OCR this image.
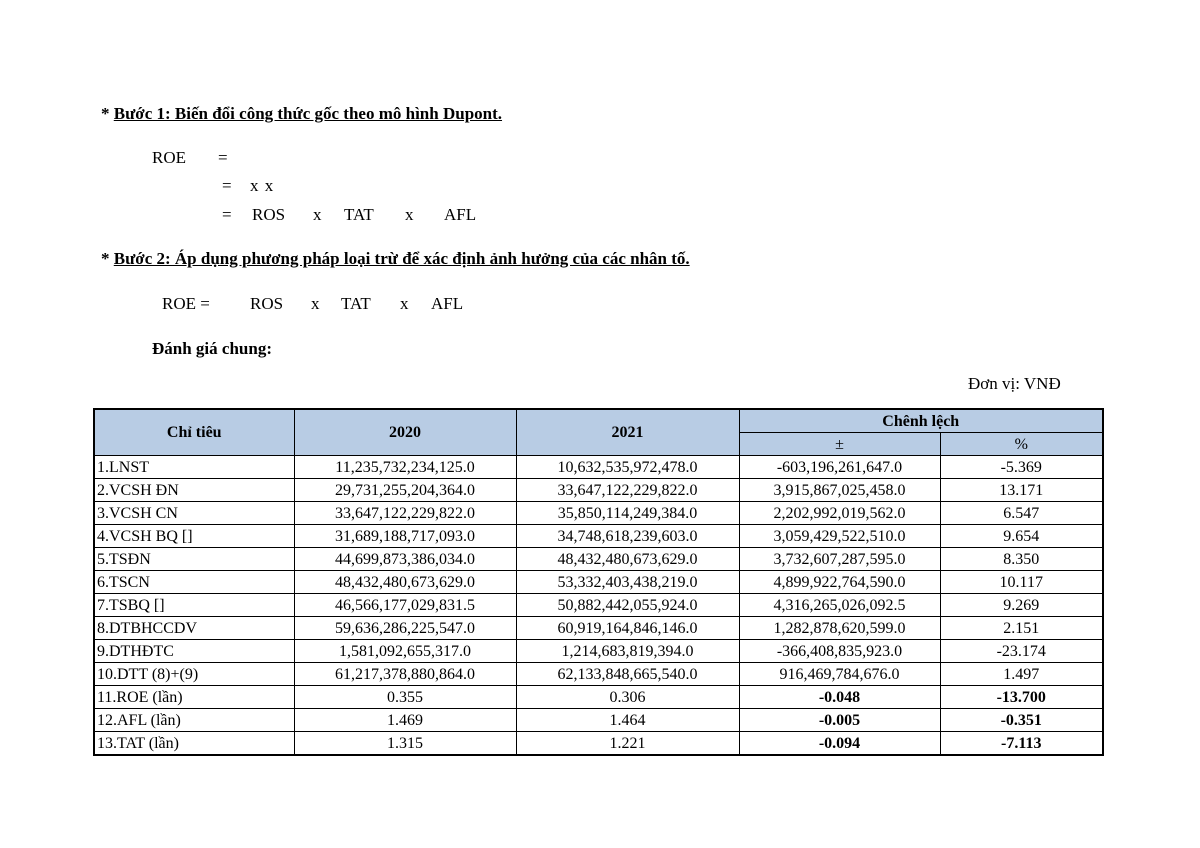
* Bước 1: Biến đổi công thức gốc theo mô hình Dupont.
ROE =
= x x
= ROS x TAT x AFL
* Bước 2: Áp dụng phương pháp loại trừ để xác định ảnh hưởng của các nhân tố.
ROE = ROS x TAT x AFL
Đánh giá chung:
Đơn vị: VNĐ
Chỉ tiêu	2020	2021	Chênh lệch	
			±	%
1.LNST	11,235,732,234,125.0	10,632,535,972,478.0	-603,196,261,647.0	-5.369
2.VCSH ĐN	29,731,255,204,364.0	33,647,122,229,822.0	3,915,867,025,458.0	13.171
3.VCSH CN	33,647,122,229,822.0	35,850,114,249,384.0	2,202,992,019,562.0	6.547
4.VCSH BQ []	31,689,188,717,093.0	34,748,618,239,603.0	3,059,429,522,510.0	9.654
5.TSĐN	44,699,873,386,034.0	48,432,480,673,629.0	3,732,607,287,595.0	8.350
6.TSCN	48,432,480,673,629.0	53,332,403,438,219.0	4,899,922,764,590.0	10.117
7.TSBQ []	46,566,177,029,831.5	50,882,442,055,924.0	4,316,265,026,092.5	9.269
8.DTBHCCDV	59,636,286,225,547.0	60,919,164,846,146.0	1,282,878,620,599.0	2.151
9.DTHĐTC	1,581,092,655,317.0	1,214,683,819,394.0	-366,408,835,923.0	-23.174
10.DTT (8)+(9)	61,217,378,880,864.0	62,133,848,665,540.0	916,469,784,676.0	1.497
11.ROE (lần)	0.355	0.306	-0.048	-13.700
12.AFL (lần)	1.469	1.464	-0.005	-0.351
13.TAT (lần)	1.315	1.221	-0.094	-7.113
